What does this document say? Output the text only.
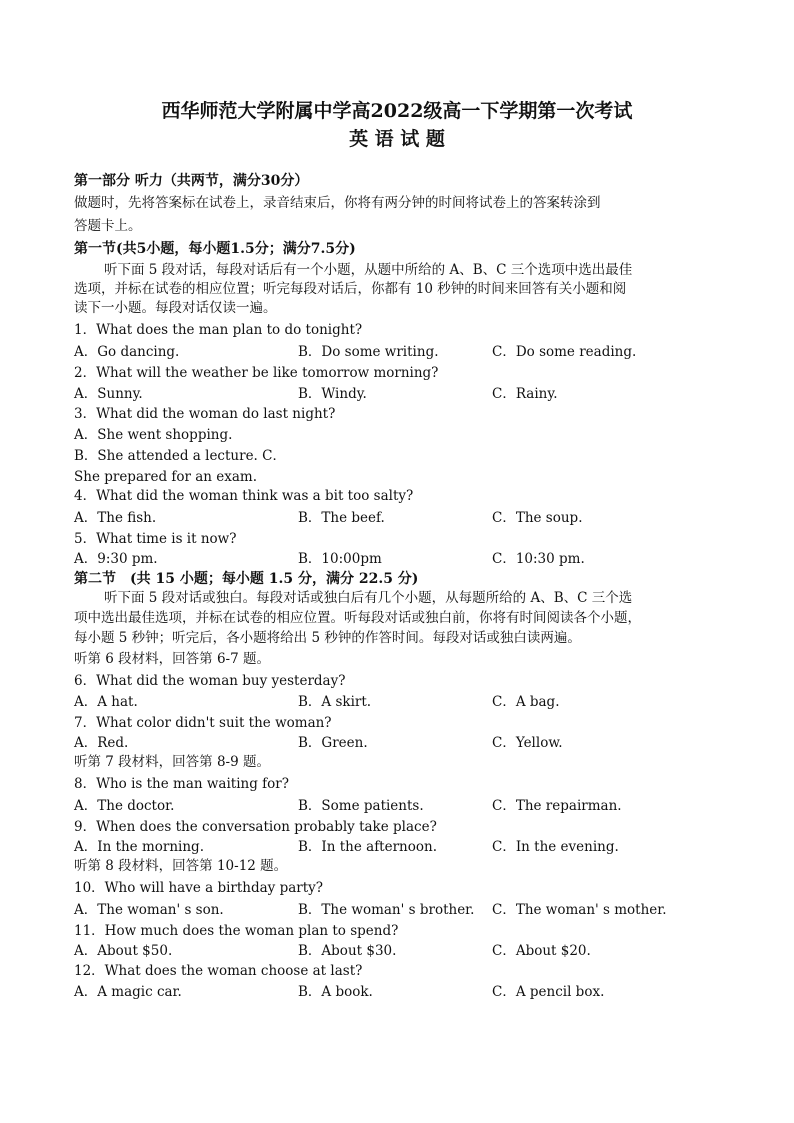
西华师范大学附属中学高2022级高一下学期第一次考试
英 语 试 题
第一部分 听力（共两节，满分30分）
做题时，先将答案标在试卷上，录音结束后，你将有两分钟的时间将试卷上的答案转涂到
答题卡上。
第一节(共5小题，每小题1.5分；满分7.5分)
听下面 5 段对话，每段对话后有一个小题，从题中所给的 A、B、C 三个选项中选出最佳
选项，并标在试卷的相应位置；听完每段对话后，你都有 10 秒钟的时间来回答有关小题和阅
读下一小题。每段对话仅读一遍。
1．What does the man plan to do tonight?
A．Go dancing.	B．Do some writing.	C．Do some reading.
2．What will the weather be like tomorrow morning?
A．Sunny.	B．Windy.	C．Rainy.
3．What did the woman do last night?
A．She went shopping.
B．She attended a lecture. C．
She prepared for an exam.
4．What did the woman think was a bit too salty?
A．The fish.	B．The beef.	C．The soup.
5．What time is it now?
A．9:30 pm.	B．10:00pm	C．10:30 pm.
第二节　(共 15 小题；每小题 1.5 分，满分 22.5 分)
听下面 5 段对话或独白。每段对话或独白后有几个小题，从每题所给的 A、B、C 三个选
项中选出最佳选项，并标在试卷的相应位置。听每段对话或独白前，你将有时间阅读各个小题，
每小题 5 秒钟；听完后，各小题将给出 5 秒钟的作答时间。每段对话或独白读两遍。
听第 6 段材料，回答第 6-7 题。
6．What did the woman buy yesterday?
A．A hat.	B．A skirt.	C．A bag.
7．What color didn't suit the woman?
A．Red.	B．Green.	C．Yellow.
听第 7 段材料，回答第 8-9 题。
8．Who is the man waiting for?
A．The doctor.	B．Some patients.	C．The repairman.
9．When does the conversation probably take place?
A．In the morning.	B．In the afternoon.	C．In the evening.
听第 8 段材料，回答第 10-12 题。
10．Who will have a birthday party?
A．The woman' s son.	B．The woman' s brother. C．The woman' s mother.
11．How much does the woman plan to spend?
A．About $50.	B．About $30.	C．About $20.
12．What does the woman choose at last?
A．A magic car.	B．A book.	C．A pencil box.
